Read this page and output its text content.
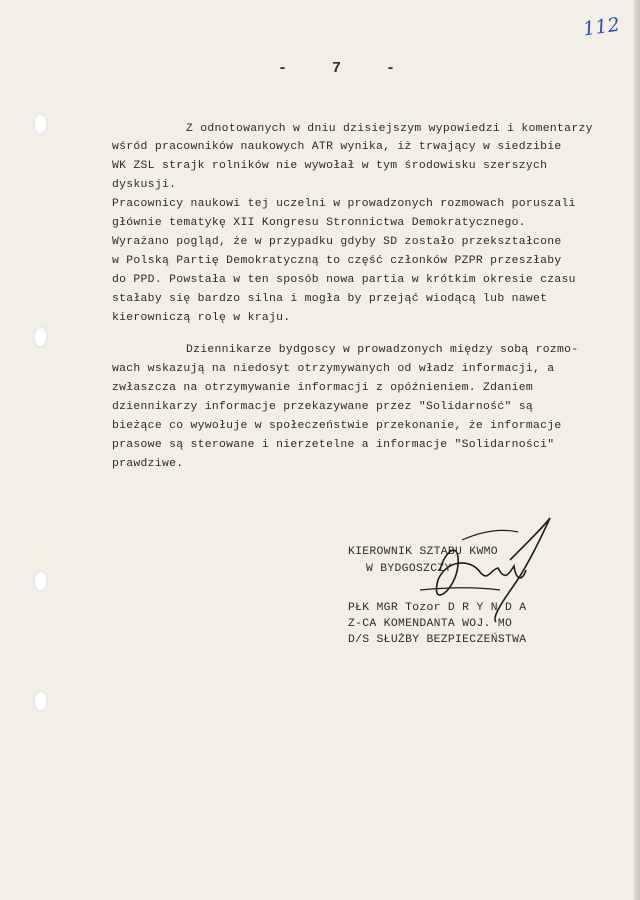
112
- 7 -
Z odnotowanych w dniu dzisiejszym wypowiedzi i komentarzy
wśród pracowników naukowych ATR wynika, iż trwający w siedzibie
WK ZSL strajk rolników nie wywołał w tym środowisku szerszych
dyskusji.
Pracownicy naukowi tej uczelni w prowadzonych rozmowach poruszali
głównie tematykę XII Kongresu Stronnictwa Demokratycznego.
Wyrażano pogląd, że w przypadku gdyby SD zostało przekształcone
w Polską Partię Demokratyczną to część członków PZPR przeszłaby
do PPD. Powstała w ten sposób nowa partia w krótkim okresie czasu
stałaby się bardzo silna i mogła by przejąć wiodącą lub nawet
kierowniczą rolę w kraju.
Dziennikarze bydgoscy w prowadzonych między sobą rozmo-
wach wskazują na niedosyt otrzymywanych od władz informacji, a
zwłaszcza na otrzymywanie informacji z opóźnieniem. Zdaniem
dziennikarzy informacje przekazywane przez "Solidarność" są
bieżące co wywołuje w społeczeństwie przekonanie, że informacje
prasowe są sterowane i nierzetelne a informacje "Solidarności"
prawdziwe.
KIEROWNIK SZTABU KWMO
W BYDGOSZCZY
PŁK MGR Tozor D R Y N D A
Z-CA KOMENDANTA WOJ. MO
D/S SŁUŻBY BEZPIECZEŃSTWA
